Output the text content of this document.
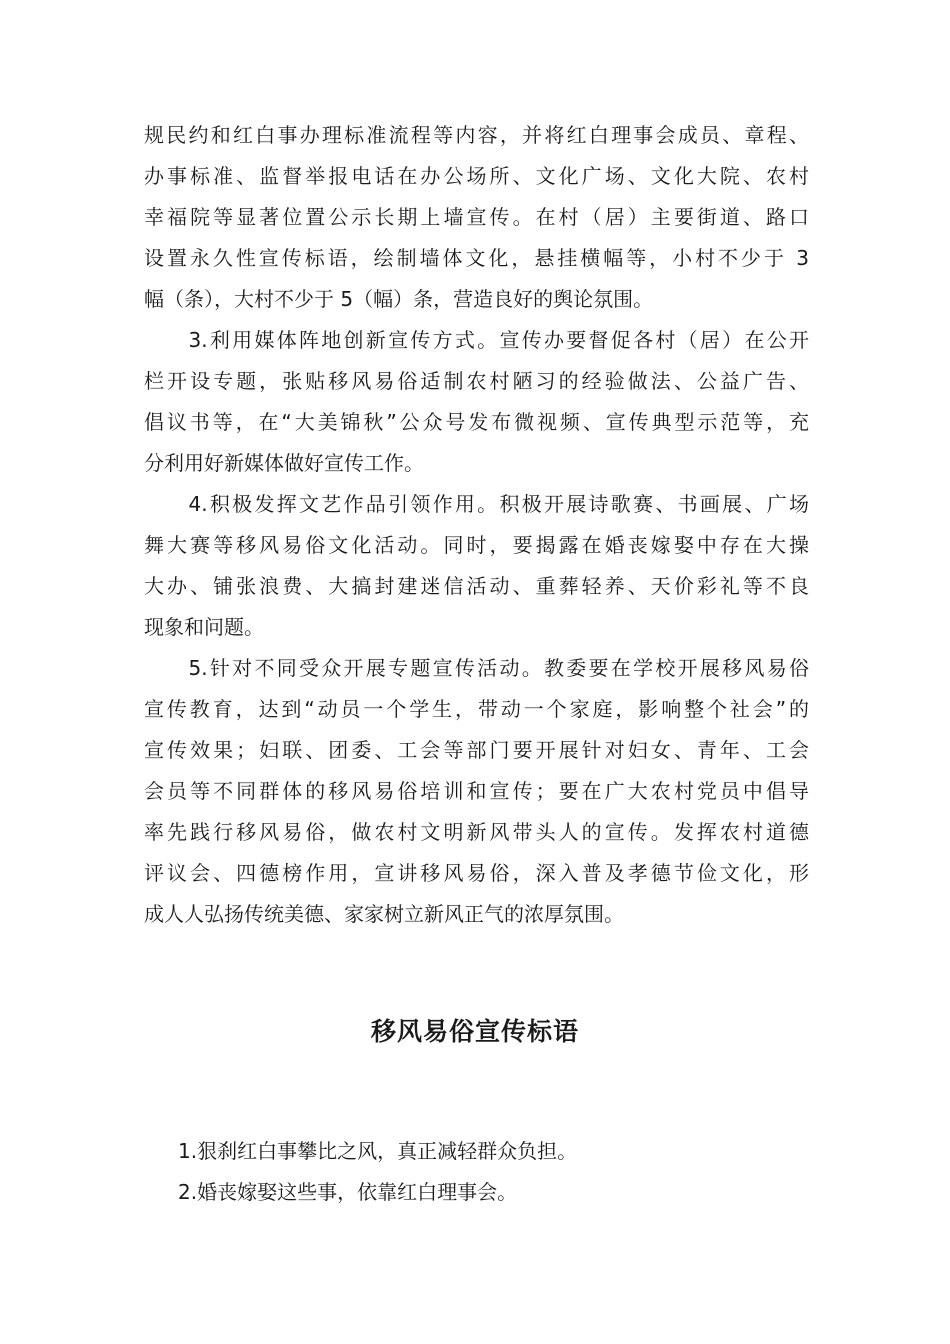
规民约和红白事办理标准流程等内容，并将红白理事会成员、章程、
办事标准、监督举报电话在办公场所、文化广场、文化大院、农村
幸福院等显著位置公示长期上墙宣传。在村（居）主要街道、路口
设置永久性宣传标语，绘制墙体文化，悬挂横幅等，小村不少于 3
幅（条），大村不少于 5（幅）条，营造良好的舆论氛围。
　　3.利用媒体阵地创新宣传方式。宣传办要督促各村（居）在公开
栏开设专题，张贴移风易俗适制农村陋习的经验做法、公益广告、
倡议书等，在“大美锦秋”公众号发布微视频、宣传典型示范等，充
分利用好新媒体做好宣传工作。
　　4.积极发挥文艺作品引领作用。积极开展诗歌赛、书画展、广场
舞大赛等移风易俗文化活动。同时，要揭露在婚丧嫁娶中存在大操
大办、铺张浪费、大搞封建迷信活动、重葬轻养、天价彩礼等不良
现象和问题。
　　5.针对不同受众开展专题宣传活动。教委要在学校开展移风易俗
宣传教育，达到“动员一个学生，带动一个家庭，影响整个社会”的
宣传效果；妇联、团委、工会等部门要开展针对妇女、青年、工会
会员等不同群体的移风易俗培训和宣传；要在广大农村党员中倡导
率先践行移风易俗，做农村文明新风带头人的宣传。发挥农村道德
评议会、四德榜作用，宣讲移风易俗，深入普及孝德节俭文化，形
成人人弘扬传统美德、家家树立新风正气的浓厚氛围。
移风易俗宣传标语
1.狠刹红白事攀比之风，真正减轻群众负担。
2.婚丧嫁娶这些事，依靠红白理事会。
